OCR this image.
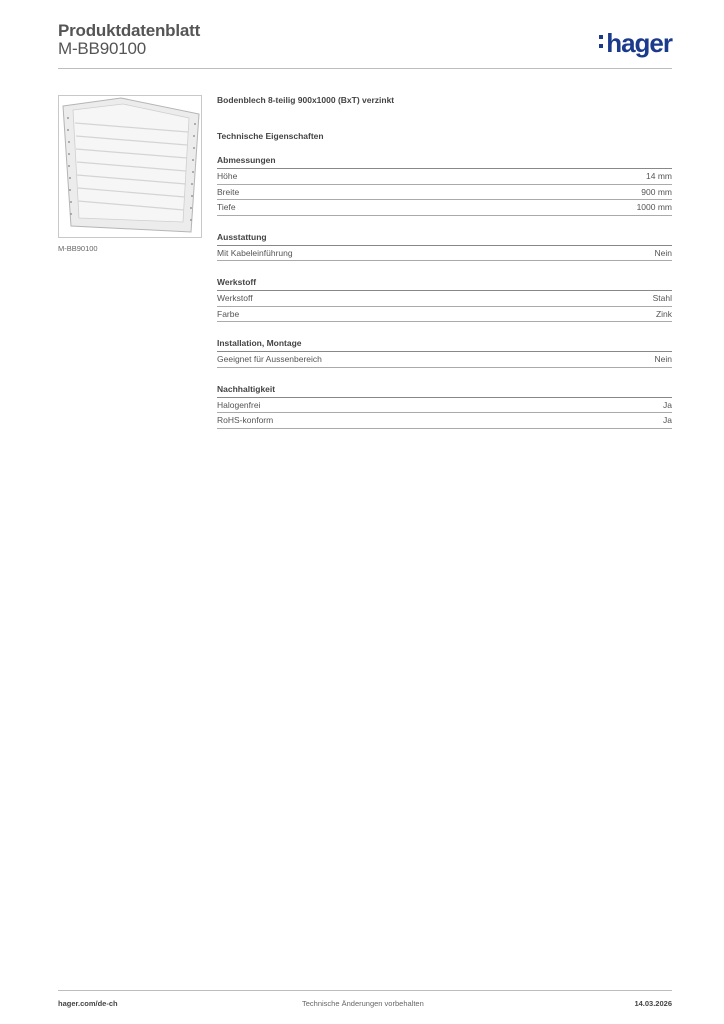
Produktdatenblatt
M-BB90100	hager
M-BB90100
Bodenblech 8-teilig 900x1000 (BxT) verzinkt
Technische Eigenschaften
Abmessungen
Höhe	14 mm
Breite	900 mm
Tiefe	1000 mm
Ausstattung
Mit Kabeleinführung	Nein
Werkstoff
Werkstoff	Stahl
Farbe	Zink
Installation, Montage
Geeignet für Aussenbereich	Nein
Nachhaltigkeit
Halogenfrei	Ja
RoHS-konform	Ja
hager.com/de-ch	Technische Änderungen vorbehalten	14.03.2026
